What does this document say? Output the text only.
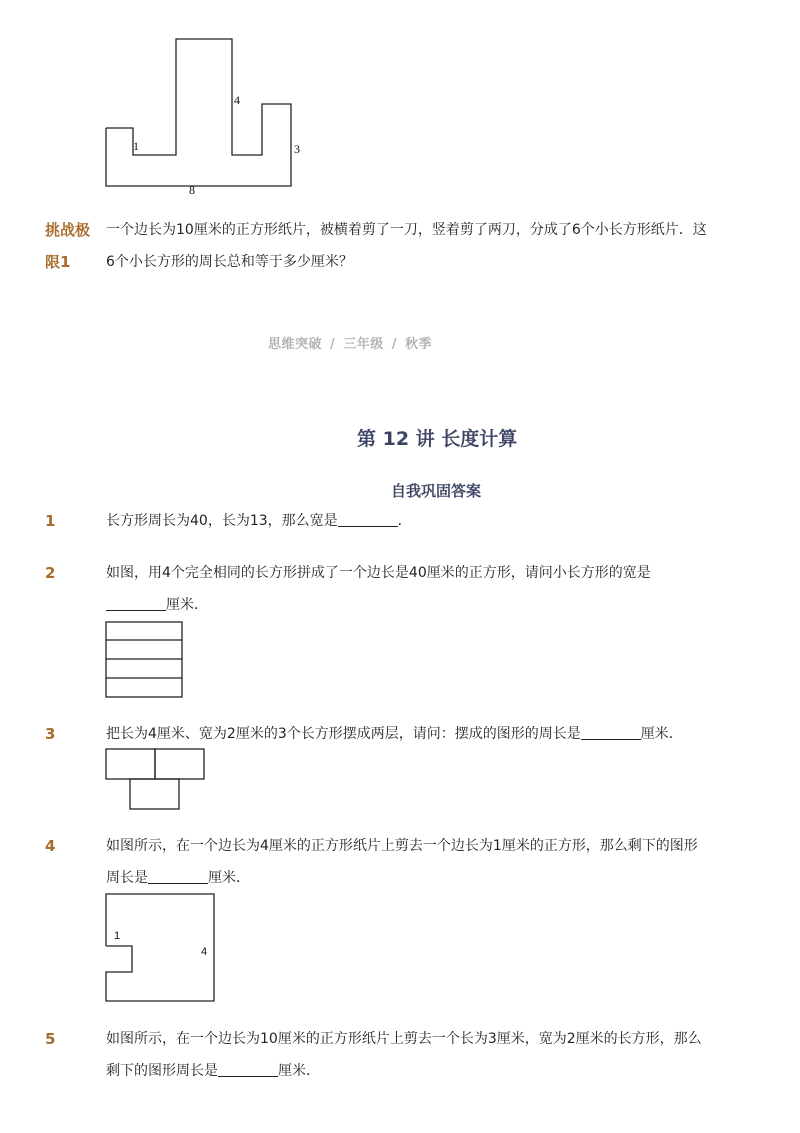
1
4
3
8
挑战极
限1
一个边长为10厘米的正方形纸片，被横着剪了一刀，竖着剪了两刀，分成了6个小长方形纸片．这
6个小长方形的周长总和等于多少厘米？
思维突破 / 三年级 / 秋季
第 12 讲 长度计算
自我巩固答案
1	长方形周长为40，长为13，那么宽是	．
2	如图，用4个完全相同的长方形拼成了一个边长是40厘米的正方形，请问小长方形的宽是
厘米．
3	把长为4厘米、宽为2厘米的3个长方形摆成两层，请问：摆成的图形的周长是	厘米．
4	如图所示，在一个边长为4厘米的正方形纸片上剪去一个边长为1厘米的正方形，那么剩下的图形
周长是	厘米．
1
4
5	如图所示，在一个边长为10厘米的正方形纸片上剪去一个长为3厘米，宽为2厘米的长方形，那么
剩下的图形周长是	厘米．
